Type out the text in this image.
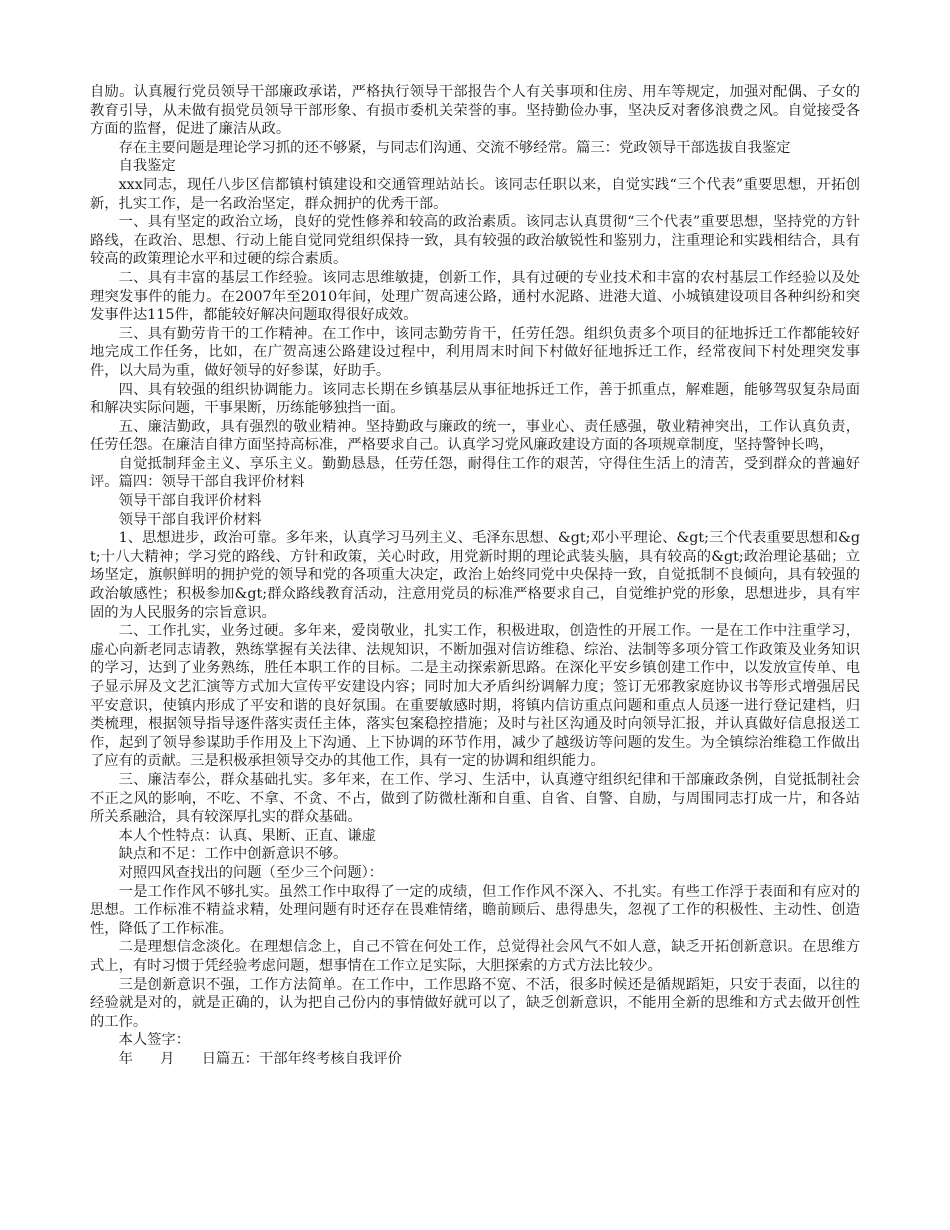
自励。认真履行党员领导干部廉政承诺，严格执行领导干部报告个人有关事项和住房、用车等规定，加强对配偶、子女的教育引导，从未做有损党员领导干部形象、有损市委机关荣誉的事。坚持勤俭办事，坚决反对奢侈浪费之风。自觉接受各方面的监督，促进了廉洁从政。

存在主要问题是理论学习抓的还不够紧，与同志们沟通、交流不够经常。篇三：党政领导干部选拔自我鉴定

自我鉴定

xxx同志，现任八步区信都镇村镇建设和交通管理站站长。该同志任职以来，自觉实践“三个代表”重要思想，开拓创新，扎实工作，是一名政治坚定，群众拥护的优秀干部。

一、具有坚定的政治立场，良好的党性修养和较高的政治素质。该同志认真贯彻“三个代表”重要思想，坚持党的方针路线，在政治、思想、行动上能自觉同党组织保持一致，具有较强的政治敏锐性和鉴别力，注重理论和实践相结合，具有较高的政策理论水平和过硬的综合素质。

二、具有丰富的基层工作经验。该同志思维敏捷，创新工作，具有过硬的专业技术和丰富的农村基层工作经验以及处理突发事件的能力。在2007年至2010年间，处理广贺高速公路，通村水泥路、进港大道、小城镇建设项目各种纠纷和突发事件达115件，都能较好解决问题取得很好成效。

三、具有勤劳肯干的工作精神。在工作中，该同志勤劳肯干，任劳任怨。组织负责多个项目的征地拆迁工作都能较好地完成工作任务，比如，在广贺高速公路建设过程中，利用周末时间下村做好征地拆迁工作，经常夜间下村处理突发事件，以大局为重，做好领导的好参谋，好助手。

四、具有较强的组织协调能力。该同志长期在乡镇基层从事征地拆迁工作，善于抓重点，解难题，能够驾驭复杂局面和解决实际问题，干事果断，历练能够独挡一面。

五、廉洁勤政，具有强烈的敬业精神。坚持勤政与廉政的统一，事业心、责任感强，敬业精神突出，工作认真负责，任劳任怨。在廉洁自律方面坚持高标准，严格要求自己。认真学习党风廉政建设方面的各项规章制度，坚持警钟长鸣，

自觉抵制拜金主义、享乐主义。勤勤恳恳，任劳任怨，耐得住工作的艰苦，守得住生活上的清苦，受到群众的普遍好评。篇四：领导干部自我评价材料

领导干部自我评价材料

领导干部自我评价材料

1、思想进步，政治可靠。多年来，认真学习马列主义、毛泽东思想、&gt;邓小平理论、&gt;三个代表重要思想和&gt;十八大精神；学习党的路线、方针和政策，关心时政，用党新时期的理论武装头脑，具有较高的&gt;政治理论基础；立场坚定，旗帜鲜明的拥护党的领导和党的各项重大决定，政治上始终同党中央保持一致，自觉抵制不良倾向，具有较强的政治敏感性；积极参加&gt;群众路线教育活动，注意用党员的标准严格要求自己，自觉维护党的形象，思想进步，具有牢固的为人民服务的宗旨意识。

二、工作扎实，业务过硬。多年来，爱岗敬业，扎实工作，积极进取，创造性的开展工作。一是在工作中注重学习，虚心向新老同志请教，熟练掌握有关法律、法规知识，不断加强对信访维稳、综治、法制等多项分管工作政策及业务知识的学习，达到了业务熟练，胜任本职工作的目标。二是主动探索新思路。在深化平安乡镇创建工作中，以发放宣传单、电子显示屏及文艺汇演等方式加大宣传平安建设内容；同时加大矛盾纠纷调解力度；签订无邪教家庭协议书等形式增强居民平安意识，使镇内形成了平安和谐的良好氛围。在重要敏感时期，将镇内信访重点问题和重点人员逐一进行登记建档，归类梳理，根据领导指导逐件落实责任主体，落实包案稳控措施；及时与社区沟通及时向领导汇报，并认真做好信息报送工作，起到了领导参谋助手作用及上下沟通、上下协调的环节作用，减少了越级访等问题的发生。为全镇综治维稳工作做出了应有的贡献。三是积极承担领导交办的其他工作，具有一定的协调和组织能力。

三、廉洁奉公，群众基础扎实。多年来，在工作、学习、生活中，认真遵守组织纪律和干部廉政条例，自觉抵制社会不正之风的影响，不吃、不拿、不贪、不占，做到了防微杜渐和自重、自省、自警、自励，与周围同志打成一片，和各站所关系融洽，具有较深厚扎实的群众基础。

本人个性特点：认真、果断、正直、谦虚

缺点和不足：工作中创新意识不够。

对照四风查找出的问题（至少三个问题）：

一是工作作风不够扎实。虽然工作中取得了一定的成绩，但工作作风不深入、不扎实。有些工作浮于表面和有应对的思想。工作标准不精益求精，处理问题有时还存在畏难情绪，瞻前顾后、患得患失，忽视了工作的积极性、主动性、创造性，降低了工作标准。

二是理想信念淡化。在理想信念上，自己不管在何处工作，总觉得社会风气不如人意，缺乏开拓创新意识。在思维方式上，有时习惯于凭经验考虑问题，想事情在工作立足实际，大胆探索的方式方法比较少。

三是创新意识不强，工作方法简单。在工作中，工作思路不宽、不活，很多时候还是循规蹈矩，只安于表面，以往的经验就是对的，就是正确的，认为把自己份内的事情做好就可以了，缺乏创新意识，不能用全新的思维和方式去做开创性的工作。

本人签字：

年 月 日篇五：干部年终考核自我评价
